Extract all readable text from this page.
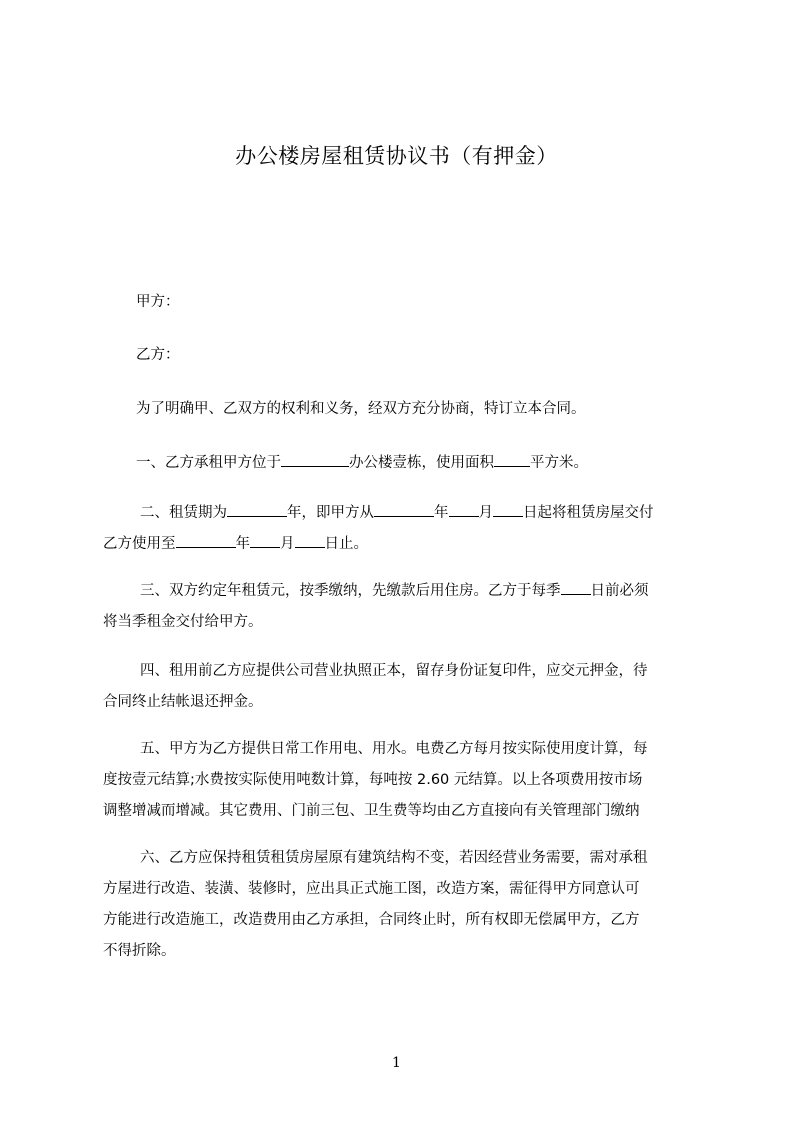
办公楼房屋租赁协议书（有押金）
甲方：
乙方：
为了明确甲、乙双方的权利和义务，经双方充分协商，特订立本合同。
一、乙方承租甲方位于	办公楼壹栋，使用面积 平方米。
二、租赁期为	年，即甲方从	年 月 日起将租赁房屋交付
乙方使用至	年 月 日止。
三、双方约定年租赁元，按季缴纳，先缴款后用住房。乙方于每季 日前必须
将当季租金交付给甲方。
四、租用前乙方应提供公司营业执照正本，留存身份证复印件，应交元押金，待
合同终止结帐退还押金。
五、甲方为乙方提供日常工作用电、用水。电费乙方每月按实际使用度计算，每
度按壹元结算;水费按实际使用吨数计算，每吨按 2.60 元结算。以上各项费用按市场
调整增减而增减。其它费用、门前三包、卫生费等均由乙方直接向有关管理部门缴纳
六、乙方应保持租赁租赁房屋原有建筑结构不变，若因经营业务需要，需对承租
方屋进行改造、装潢、装修时，应出具正式施工图，改造方案，需征得甲方同意认可
方能进行改造施工，改造费用由乙方承担，合同终止时，所有权即无偿属甲方，乙方
不得折除。
1
